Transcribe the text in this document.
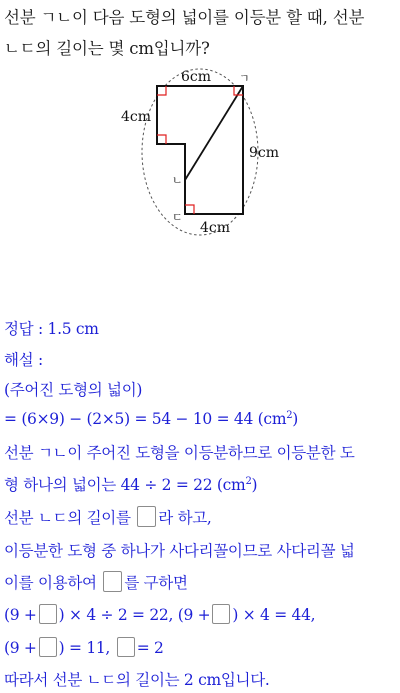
선분 ㄱㄴ이 다음 도형의 넓이를 이등분 할 때, 선분
ㄴㄷ의 길이는 몇 cm입니까?
6cm
4cm
9cm
4cm
ㄱ
ㄴ
ㄷ
정답 : 1.5 cm
해설 :
(주어진 도형의 넓이)
= (6×9) − (2×5) = 54 − 10 = 44 $(cm^2)$
선분 ㄱㄴ이 주어진 도형을 이등분하므로 이등분한 도
형 하나의 넓이는 44 ÷ 2 = 22 $(cm^2)$
선분 ㄴㄷ의 길이를 라 하고,
이등분한 도형 중 하나가 사다리꼴이므로 사다리꼴 넓
이를 이용하여 를 구하면
(9 + ) × 4 ÷ 2 = 22, (9 + ) × 4 = 44,
(9 + ) = 11, = 2
따라서 선분 ㄴㄷ의 길이는 2 cm입니다.
